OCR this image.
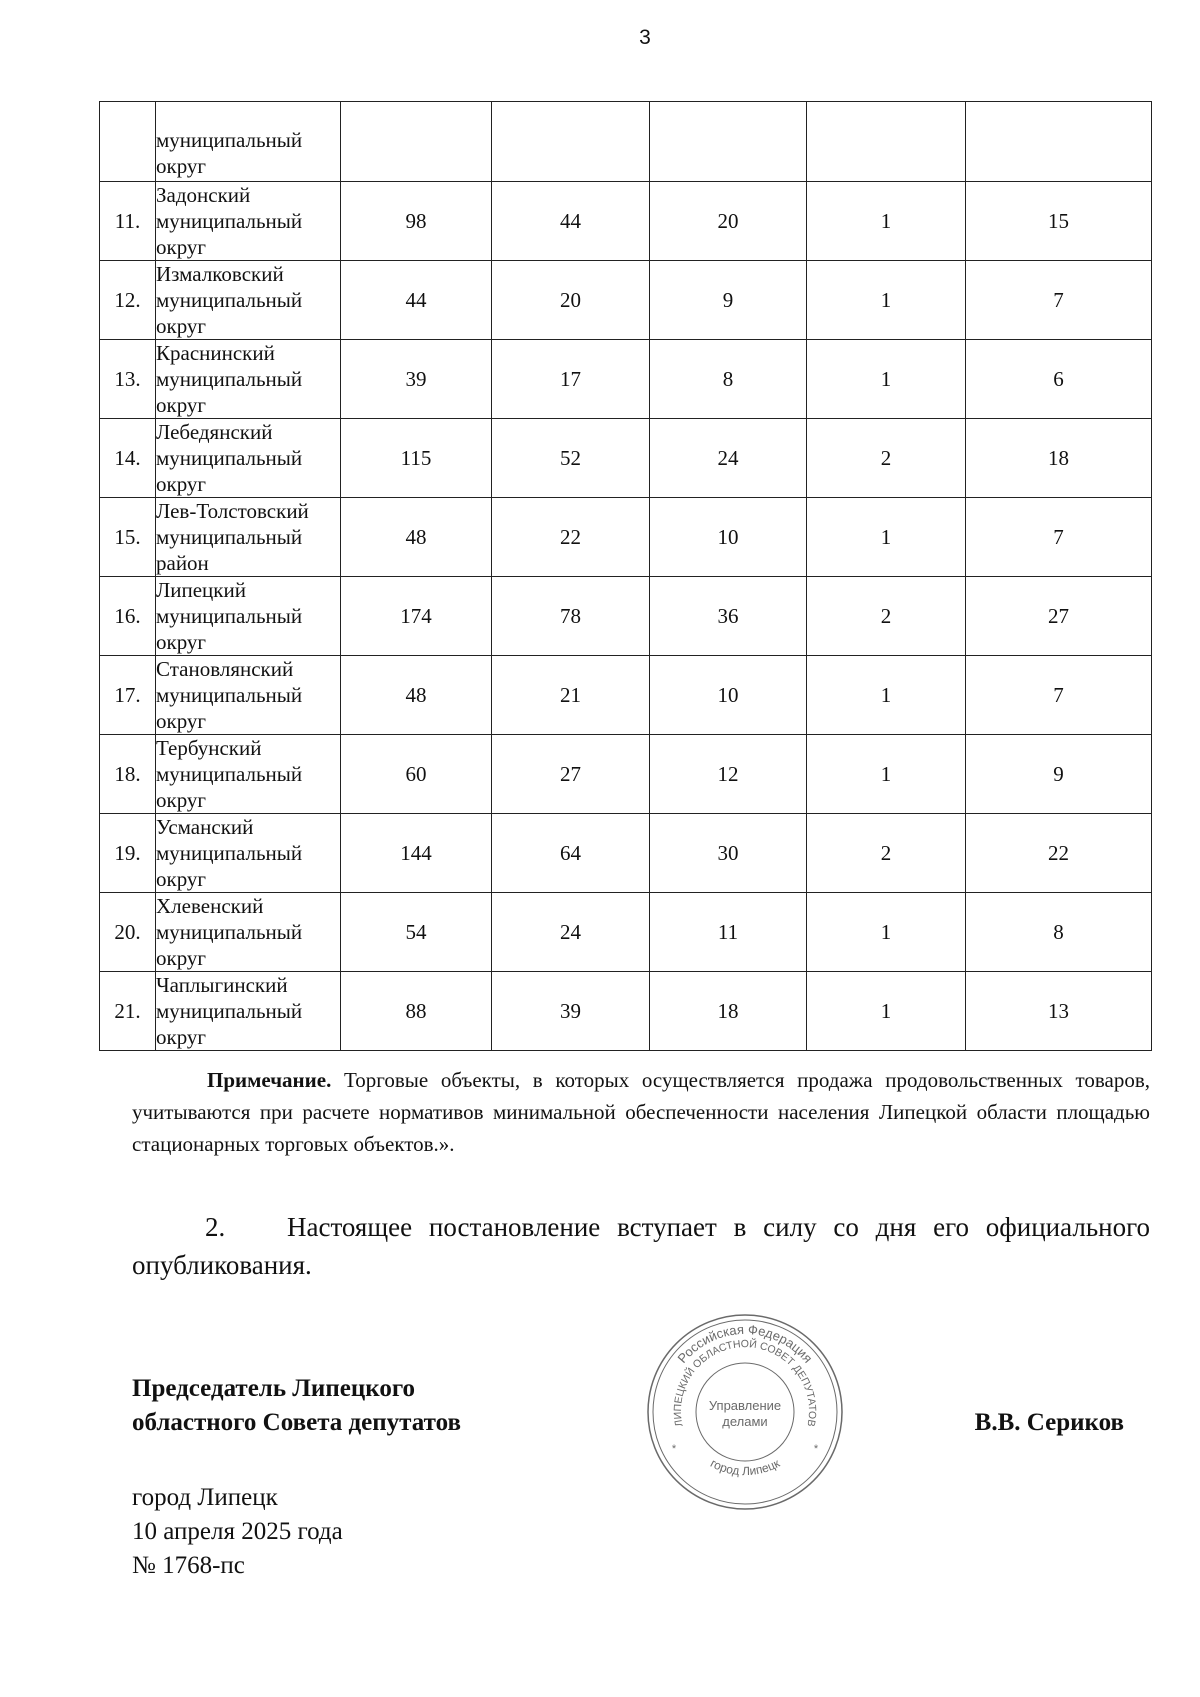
3

	муниципальный
округ					

11.	Задонский
муниципальный
округ	98	44	20	1	15
12.	Измалковский
муниципальный
округ	44	20	9	1	7
13.	Краснинский
муниципальный
округ	39	17	8	1	6
14.	Лебедянский
муниципальный
округ	115	52	24	2	18
15.	Лев-Толстовский
муниципальный
район	48	22	10	1	7
16.	Липецкий
муниципальный
округ	174	78	36	2	27
17.	Становлянский
муниципальный
округ	48	21	10	1	7
18.	Тербунский
муниципальный
округ	60	27	12	1	9
19.	Усманский
муниципальный
округ	144	64	30	2	22
20.	Хлевенский
муниципальный
округ	54	24	11	1	8
21.	Чаплыгинский
муниципальный
округ	88	39	18	1	13
Примечание. Торговые объекты, в которых осуществляется продажа продовольственных товаров, учитываются при расчете нормативов минимальной обеспеченности населения Липецкой области площадью стационарных торговых объектов.».
2. Настоящее постановление вступает в силу со дня его официального опубликования.
Председатель Липецкого
областного Совета депутатов	В.В. Сериков
Российская Федерация
ЛИПЕЦКИЙ ОБЛАСТНОЙ СОВЕТ ДЕПУТАТОВ
город Липецк
Управление
делами
*	*
город Липецк
10 апреля 2025 года
№ 1768-пс
